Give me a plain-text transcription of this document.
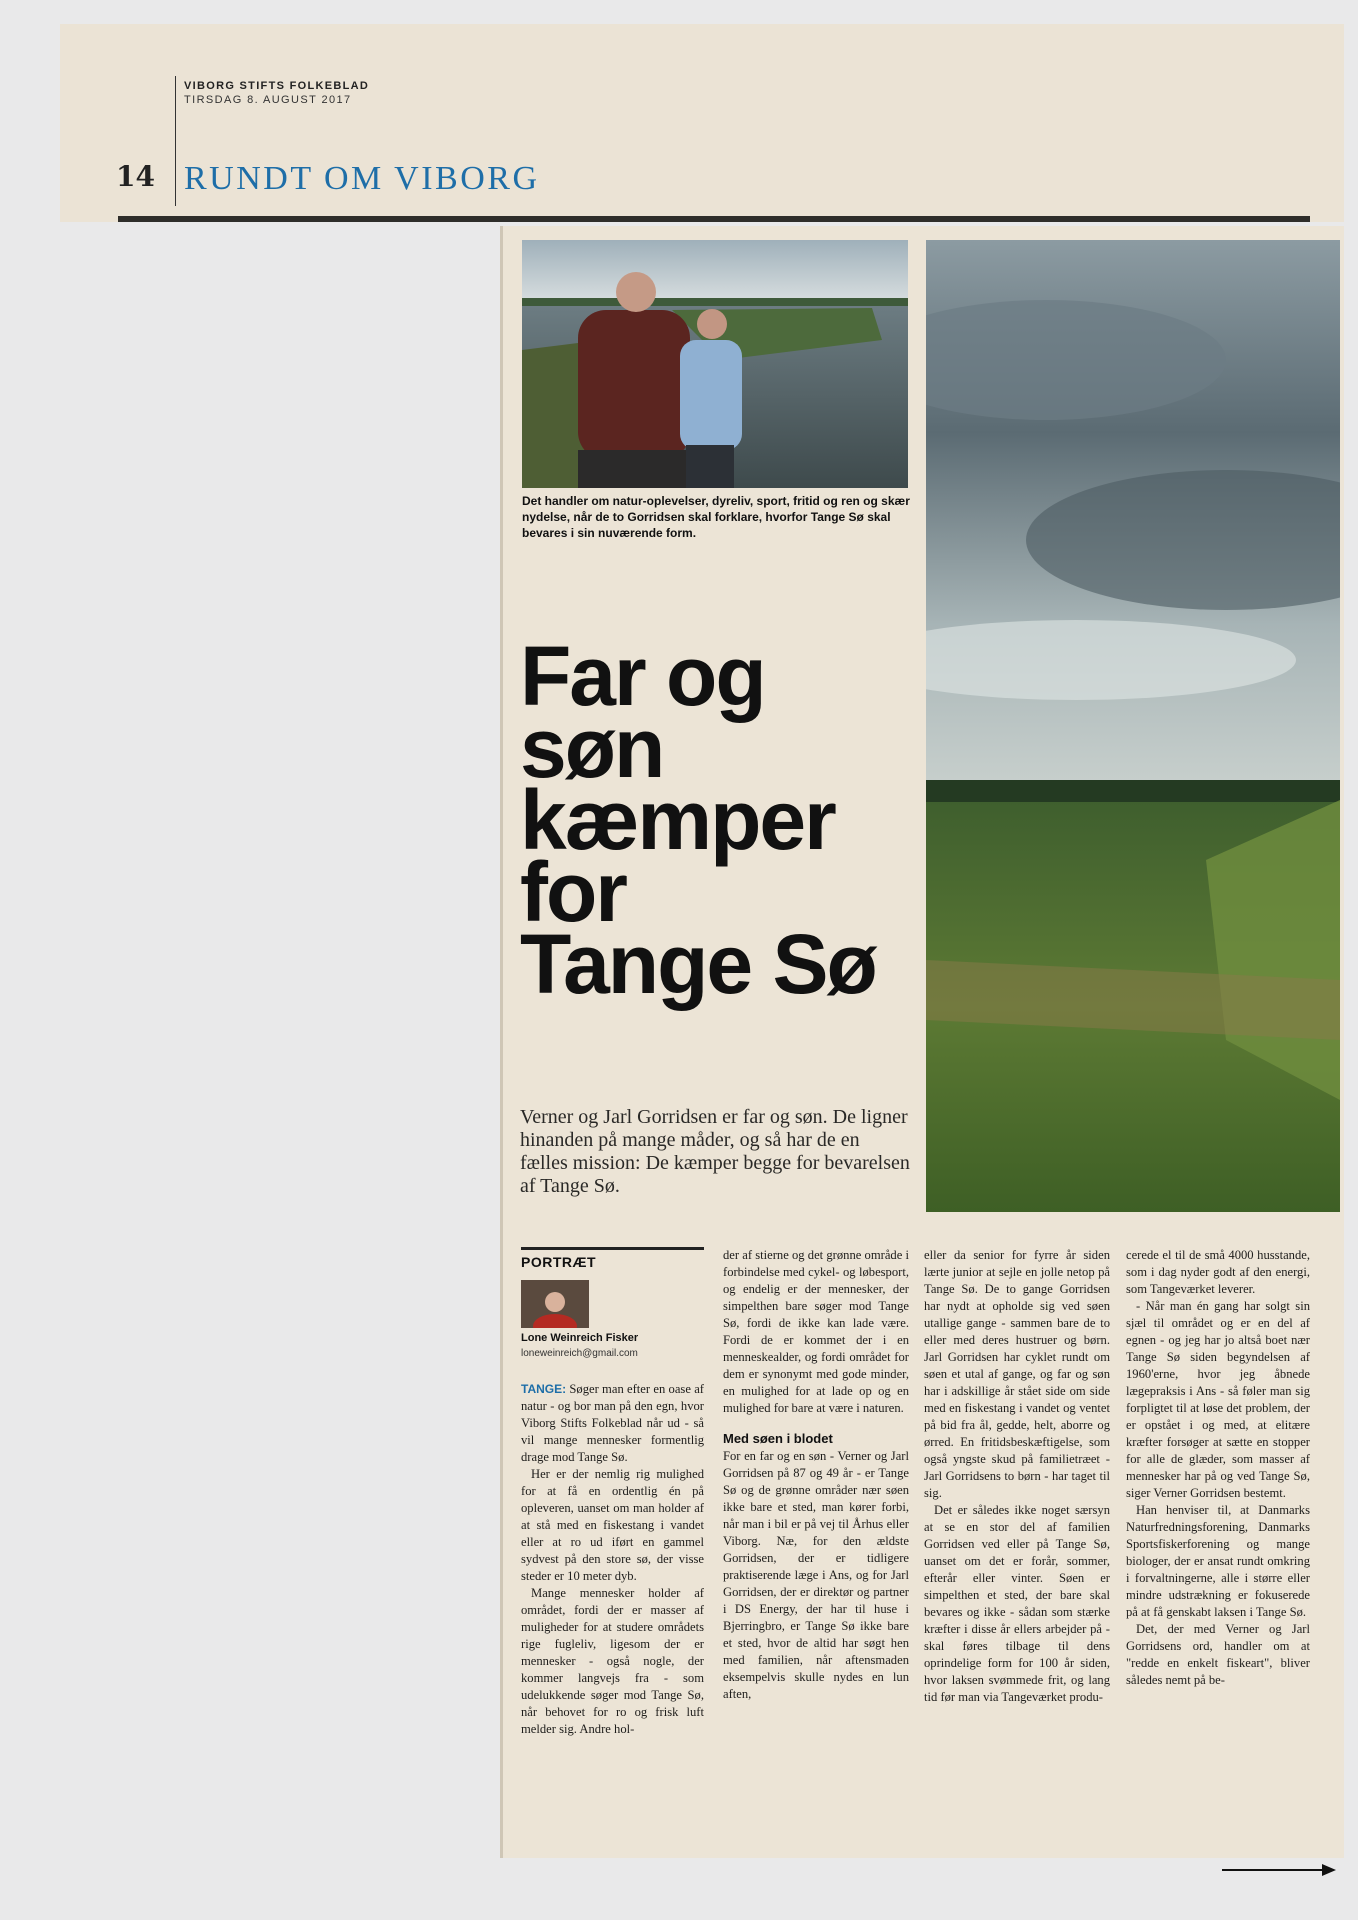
VIBORG STIFTS FOLKEBLAD
TIRSDAG 8. AUGUST 2017
14 RUNDT OM VIBORG
Det handler om natur-oplevelser, dyreliv, sport, fritid og ren og skær nydelse, når de to Gorridsen skal forklare, hvorfor Tange Sø skal bevares i sin nuværende form.
Far og
søn
kæmper
for
Tange Sø
Verner og Jarl Gorridsen er far og søn. De ligner hinanden på mange måder, og så har de en fælles mission: De kæmper begge for bevarelsen af Tange Sø.
PORTRÆT
Lone Weinreich Fisker
loneweinreich@gmail.com

TANGE: Søger man efter en oase af natur - og bor man på den egn, hvor Viborg Stifts Folkeblad når ud - så vil mange mennesker formentlig drage mod Tange Sø.

Her er der nemlig rig mulighed for at få en ordentlig én på opleveren, uanset om man holder af at stå med en fiskestang i vandet eller at ro ud iført en gammel sydvest på den store sø, der visse steder er 10 meter dyb.

Mange mennesker holder af området, fordi der er masser af muligheder for at studere områdets rige fugleliv, ligesom der er mennesker - også nogle, der kommer langvejs fra - som udelukkende søger mod Tange Sø, når behovet for ro og frisk luft melder sig. Andre hol-

der af stierne og det grønne område i forbindelse med cykel- og løbesport, og endelig er der mennesker, der simpelthen bare søger mod Tange Sø, fordi de ikke kan lade være. Fordi de er kommet der i en menneskealder, og fordi området for dem er synonymt med gode minder, en mulighed for at lade op og en mulighed for bare at være i naturen.

Med søen i blodet

For en far og en søn - Verner og Jarl Gorridsen på 87 og 49 år - er Tange Sø og de grønne områder nær søen ikke bare et sted, man kører forbi, når man i bil er på vej til Århus eller Viborg. Næ, for den ældste Gorridsen, der er tidligere praktiserende læge i Ans, og for Jarl Gorridsen, der er direktør og partner i DS Energy, der har til huse i Bjerringbro, er Tange Sø ikke bare et sted, hvor de altid har søgt hen med familien, når aftensmaden eksempelvis skulle nydes en lun aften,

eller da senior for fyrre år siden lærte junior at sejle en jolle netop på Tange Sø. De to gange Gorridsen har nydt at opholde sig ved søen utallige gange - sammen bare de to eller med deres hustruer og børn. Jarl Gorridsen har cyklet rundt om søen et utal af gange, og far og søn har i adskillige år stået side om side med en fiskestang i vandet og ventet på bid fra ål, gedde, helt, aborre og ørred. En fritidsbeskæftigelse, som også yngste skud på familietræet - Jarl Gorridsens to børn - har taget til sig.

Det er således ikke noget særsyn at se en stor del af familien Gorridsen ved eller på Tange Sø, uanset om det er forår, sommer, efterår eller vinter. Søen er simpelthen et sted, der bare skal bevares og ikke - sådan som stærke kræfter i disse år ellers arbejder på - skal føres tilbage til dens oprindelige form for 100 år siden, hvor laksen svømmede frit, og lang tid før man via Tangeværket produ-

cerede el til de små 4000 husstande, som i dag nyder godt af den energi, som Tangeværket leverer.

- Når man én gang har solgt sin sjæl til området og er en del af egnen - og jeg har jo altså boet nær Tange Sø siden begyndelsen af 1960'erne, hvor jeg åbnede lægepraksis i Ans - så føler man sig forpligtet til at løse det problem, der er opstået i og med, at elitære kræfter forsøger at sætte en stopper for alle de glæder, som masser af mennesker har på og ved Tange Sø, siger Verner Gorridsen bestemt.

Han henviser til, at Danmarks Naturfredningsforening, Danmarks Sportsfiskerforening og mange biologer, der er ansat rundt omkring i forvaltningerne, alle i større eller mindre udstrækning er fokuserede på at få genskabt laksen i Tange Sø.

Det, der med Verner og Jarl Gorridsens ord, handler om at "redde en enkelt fiskeart", bliver således nemt på be-
